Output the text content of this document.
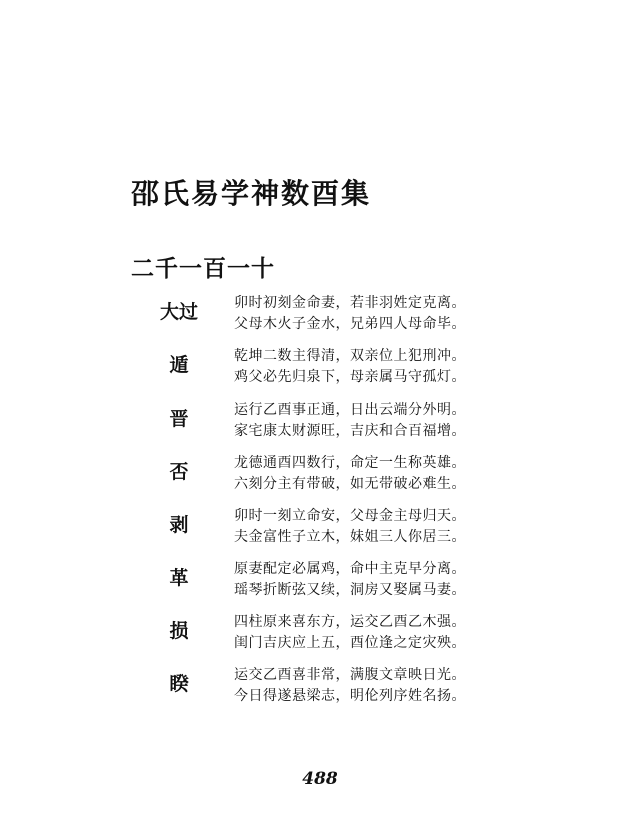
邵氏易学神数酉集
二千一百一十
大过	卯时初刻金命妻，若非羽姓定克离。
父母木火子金水，兄弟四人母命毕。
遁	乾坤二数主得清，双亲位上犯刑冲。
鸡父必先归泉下，母亲属马守孤灯。
晋	运行乙酉事正通，日出云端分外明。
家宅康太财源旺，吉庆和合百福增。
否	龙德通酉四数行，命定一生称英雄。
六刻分主有带破，如无带破必难生。
剥	卯时一刻立命安，父母金主母归天。
夫金富性子立木，妹姐三人你居三。
革	原妻配定必属鸡，命中主克早分离。
瑶琴折断弦又续，洞房又娶属马妻。
损	四柱原来喜东方，运交乙酉乙木强。
闺门吉庆应上五，酉位逢之定灾殃。
睽	运交乙酉喜非常，满腹文章映日光。
今日得遂悬梁志，明伦列序姓名扬。
488
